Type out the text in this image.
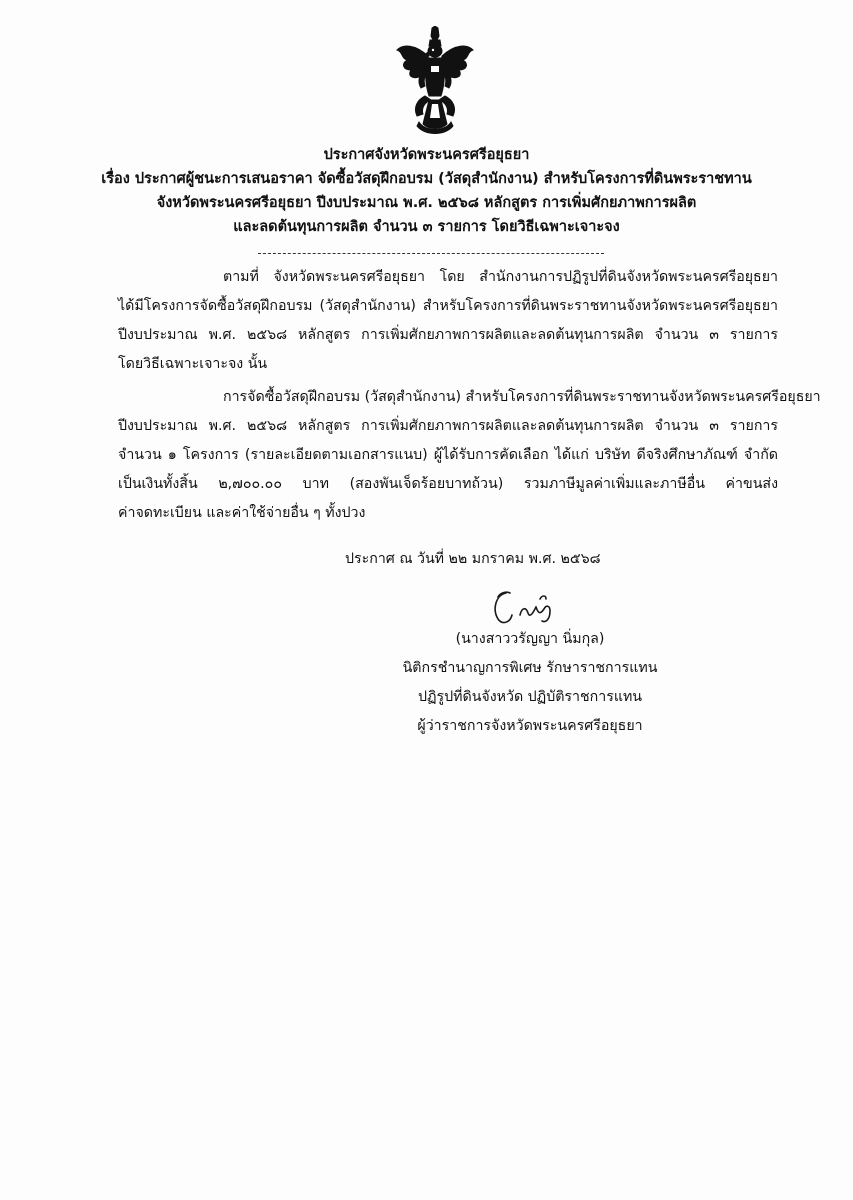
ประกาศจังหวัดพระนครศรีอยุธยา
เรื่อง ประกาศผู้ชนะการเสนอราคา จัดซื้อวัสดุฝึกอบรม (วัสดุสำนักงาน) สำหรับโครงการที่ดินพระราชทาน
จังหวัดพระนครศรีอยุธยา ปีงบประมาณ พ.ศ. ๒๕๖๘ หลักสูตร การเพิ่มศักยภาพการผลิต
และลดต้นทุนการผลิต จำนวน ๓ รายการ โดยวิธีเฉพาะเจาะจง
ตามที่ จังหวัดพระนครศรีอยุธยา โดย สำนักงานการปฏิรูปที่ดินจังหวัดพระนครศรีอยุธยา
ได้มีโครงการจัดซื้อวัสดุฝึกอบรม (วัสดุสำนักงาน) สำหรับโครงการที่ดินพระราชทานจังหวัดพระนครศรีอยุธยา
ปีงบประมาณ พ.ศ. ๒๕๖๘ หลักสูตร การเพิ่มศักยภาพการผลิตและลดต้นทุนการผลิต จำนวน ๓ รายการ
โดยวิธีเฉพาะเจาะจง นั้น
การจัดซื้อวัสดุฝึกอบรม (วัสดุสำนักงาน) สำหรับโครงการที่ดินพระราชทานจังหวัดพระนครศรีอยุธยา
ปีงบประมาณ พ.ศ. ๒๕๖๘ หลักสูตร การเพิ่มศักยภาพการผลิตและลดต้นทุนการผลิต จำนวน ๓ รายการ
จำนวน ๑ โครงการ (รายละเอียดตามเอกสารแนบ) ผู้ได้รับการคัดเลือก ได้แก่ บริษัท ดีจริงศึกษาภัณฑ์ จำกัด
เป็นเงินทั้งสิ้น ๒,๗๐๐.๐๐ บาท (สองพันเจ็ดร้อยบาทถ้วน) รวมภาษีมูลค่าเพิ่มและภาษีอื่น ค่าขนส่ง
ค่าจดทะเบียน และค่าใช้จ่ายอื่น ๆ ทั้งปวง
ประกาศ ณ วันที่ ๒๒ มกราคม พ.ศ. ๒๕๖๘
(นางสาววรัญญา นิ่มกุล)
นิติกรชำนาญการพิเศษ รักษาราชการแทน
ปฏิรูปที่ดินจังหวัด ปฏิบัติราชการแทน
ผู้ว่าราชการจังหวัดพระนครศรีอยุธยา
